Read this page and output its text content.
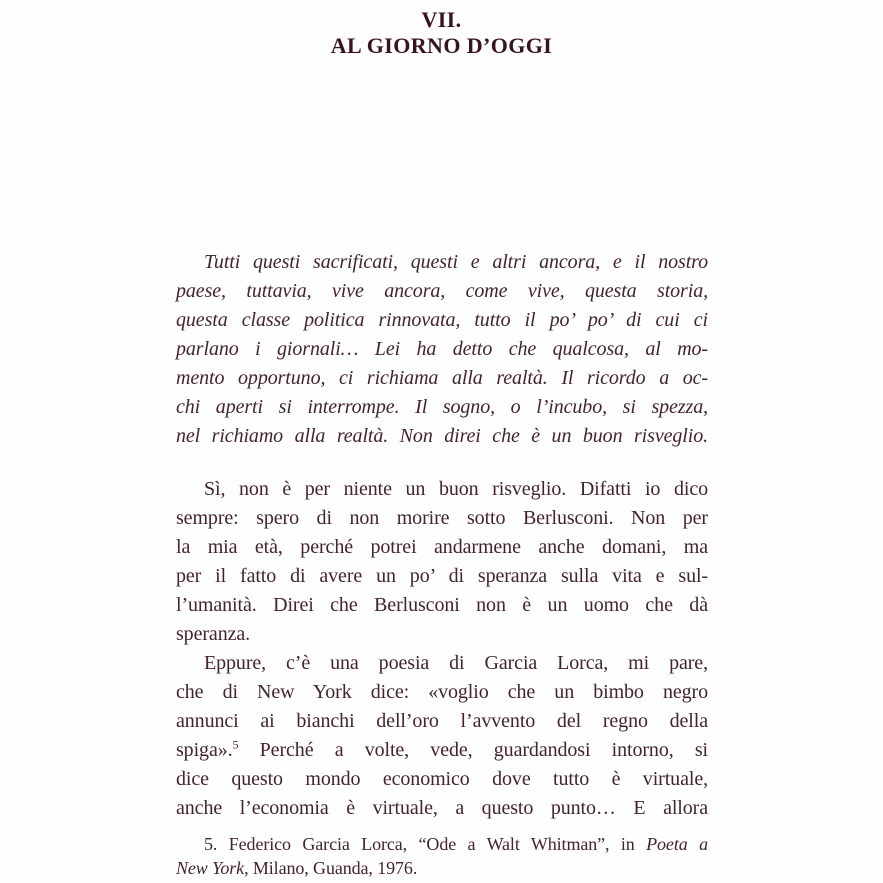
VII.
AL GIORNO D’OGGI
Tutti questi sacrificati, questi e altri ancora, e il nostro
paese, tuttavia, vive ancora, come vive, questa storia,
questa classe politica rinnovata, tutto il po’ po’ di cui ci
parlano i giornali… Lei ha detto che qualcosa, al mo-
mento opportuno, ci richiama alla realtà. Il ricordo a oc-
chi aperti si interrompe. Il sogno, o l’incubo, si spezza,
nel richiamo alla realtà. Non direi che è un buon risveglio.
Sì, non è per niente un buon risveglio. Difatti io dico
sempre: spero di non morire sotto Berlusconi. Non per
la mia età, perché potrei andarmene anche domani, ma
per il fatto di avere un po’ di speranza sulla vita e sul-
l’umanità. Direi che Berlusconi non è un uomo che dà
speranza.
Eppure, c’è una poesia di Garcia Lorca, mi pare,
che di New York dice: «voglio che un bimbo negro
annunci ai bianchi dell’oro l’avvento del regno della
spiga».$^5$ Perché a volte, vede, guardandosi intorno, si
dice questo mondo economico dove tutto è virtuale,
anche l’economia è virtuale, a questo punto… E allora
5. Federico Garcia Lorca, “Ode a Walt Whitman”, in Poeta a
New York, Milano, Guanda, 1976.
